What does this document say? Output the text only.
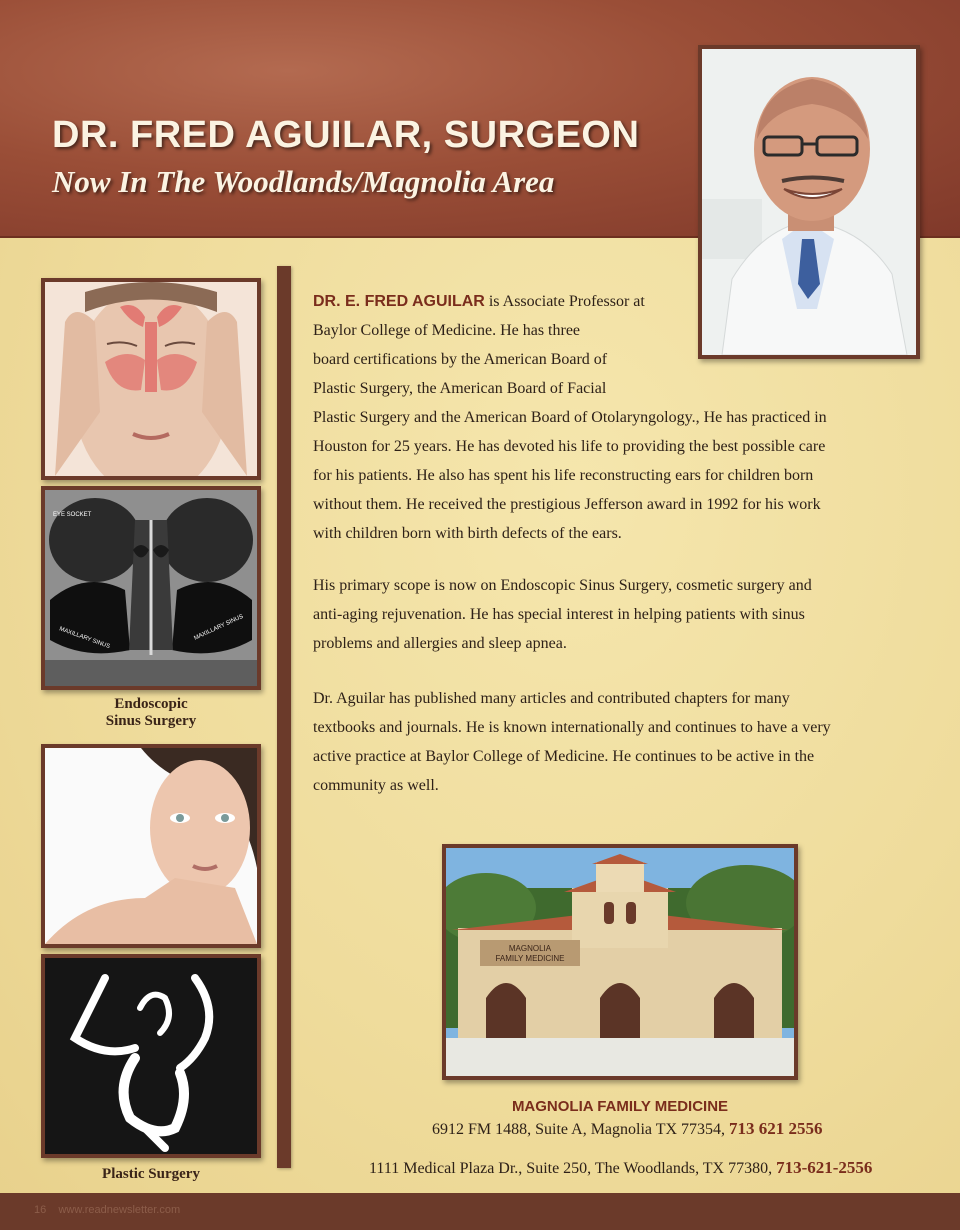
DR. FRED AGUILAR, SURGEON
Now In The Woodlands/Magnolia Area
EYE SOCKET
MAXILLARY SINUS	MAXILLARY SINUS

Endoscopic
Sinus Surgery

Plastic Surgery

DR. E. FRED AGUILAR is Associate Professor at
Baylor College of Medicine. He has three
board certifications by the American Board of
Plastic Surgery, the American Board of Facial
Plastic Surgery and the American Board of Otolaryngology., He has practiced in
Houston for 25 years. He has devoted his life to providing the best possible care
for his patients. He also has spent his life reconstructing ears for children born
without them. He received the prestigious Jefferson award in 1992 for his work
with children born with birth defects of the ears.

His primary scope is now on Endoscopic Sinus Surgery, cosmetic surgery and
anti-aging rejuvenation. He has special interest in helping patients with sinus
problems and allergies and sleep apnea.

Dr. Aguilar has published many articles and contributed chapters for many
textbooks and journals. He is known internationally and continues to have a very
active practice at Baylor College of Medicine. He continues to be active in the
community as well.

MAGNOLIA
FAMILY MEDICINE

MAGNOLIA FAMILY MEDICINE

6912 FM 1488, Suite A, Magnolia TX 77354, 713 621 2556

1111 Medical Plaza Dr., Suite 250, The Woodlands, TX 77380, 713-621-2556

16 www.readnewsletter.com
